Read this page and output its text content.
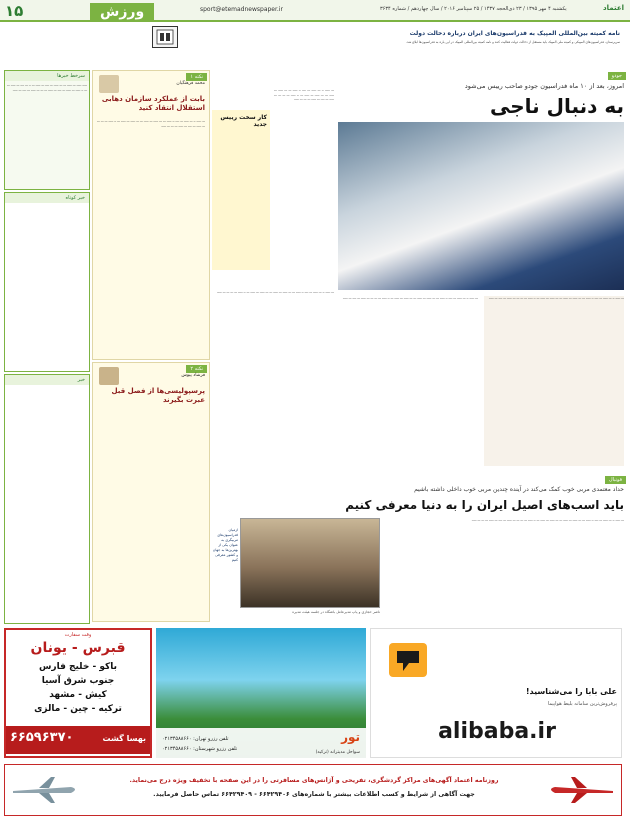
۱۵	ورزش	sport@etemadnewspaper.ir	یکشنبه ۴ مهر ۱۳۹۵ / ۲۳ ذی‌الحجه ۱۴۳۷ / ۲۵ سپتامبر ۲۰۱۶ / سال چهاردهم / شماره ۳۶۳۴	اعتماد
نامه کمیته بین‌المللی المپیک به فدراسیون‌های ایران درباره دخالت دولت
سرپرستان، فدراسیون‌های المپیکی و کمیته ملی المپیک باید مستقل از دخالت دولت فعالیت کنند و نامه کمیته بین‌المللی المپیک در این باره به فدراسیون‌ها ابلاغ شد.
سرخط خبرها
ـــــ ـــــ ـــ ـــــ ـــ ـــ ـــــ ـــ ــــ ـــ ـــــ ـــ ــ ـــ ــــ ـــ ـــــ ـــ ـــ ــ ـــــ ـــ ـــــ ـــ ــــ ـــ ـــــ ـــ ـــ ـــ ـــــ ـــ ــــ ـــ ـــــ
خبر کوتاه
خبر
نکته ۱
محمد فرهنگیان
بابت از عملکرد سازمان دهابی استقلال انتقاد کنید
ـــ ـــــ ــ ـــ ـــــ ـــ ــــ ــ ـــــ ـــ ـــ ـــــ ـــ ـــــ ـــ ـــ ـــــ ـــ ـــــ ـــ ــ ـــــ ـــ ـــ ـــ ـــ ـــــ ـــ ــــ ـــ ـــــ ـــ ـــ ـــ ـــــ
کار سخت رییس جدید
نکته ۲
فرشاد پیوس
پرسپولیسی‌ها از فصل قبل عبرت بگیرند
جودو
امروز، بعد از ۱۰ ماه فدراسیون جودو صاحب رییس می‌شود
به دنبال ناجی
ـــ ـــــ ــ ـــ ـــــ ـــ ــــ ــ ـــــ ـــ ـــ ـــــ ـــ ـــــ ـــ ـــ ـــــ ـــ ـــــ ـــ ــ ـــــ ـــ ـــ ـــ ـــ ـــــ ـــ ــــ ـــ ـــــ ـــ ـــ ـــ ـــــ
ـــ ـــــ ــ ـــ ـــــ ـــ ــــ ــ ـــــ ـــ ـــ ـــــ ـــ ـــــ ـــ ـــ ـــــ ـــ ـــــ ـــ ــ ـــــ ـــ ـــ ـــ ـــ ـــــ ـــ ــــ ـــ ـــــ	ـــ ـــــ ــ ـــ ـــــ ـــ ــــ ــ ـــــ ـــ ـــ ـــــ ـــ ـــــ ـــ ـــ ـــــ ـــ ـــــ ـــ ــ ـــــ ـــ ـــ ـــ ـــ ـــــ ـــ ــــ ـــ ـــــ
ـــ ـــــ ــ ـــ ـــــ ـــ ــــ ــ ـــــ ـــ ـــ ـــــ ـــ ـــــ ـــ ـــ ـــــ ـــ ـــــ ـــ ــ ـــــ ـــ ـــ ـــ ـــ ـــــ
فوتبال
حداد معتمدی مربی خوب کمک می‌کند در آینده چندین مربی خوب داخلی داشته باشیم
باید اسب‌های اصیل ایران را به دنیا معرفی کنیم
ناصر حجازی و پاپ مدیرعامل باشگاه در جلسه هیئت مدیره
ازمیان فدراسیون‌های مربیگری به عنوان یکی از بهترین‌ها به جهان و کشور معرفی کنیم
ـــ ـــــ ــ ـــ ـــــ ـــ ــــ ــ ـــــ ـــ ـــ ـــــ ـــ ـــــ ـــ ـــ ـــــ ـــ ـــــ ـــ ــ ـــــ ـــ ـــ ـــ ـــ ـــــ ـــ ــــ ـــ ـــــ ـــ ـــ ـــ ـــــ
وقت سفارت
قبرس - یونان
باکو - خلیج فارس
جنوب شرق آسیا
کیش - مشهد
ترکیه - چین - مالزی
بهسا گشت
۶۶۵۹۶۳۷۰	تور
سواحل مدیترانه (ترکیه)
تلفن رزرو تهران: ۰۲۱۳۴۵۸۸۶۶۰
تلفن رزرو شهرستان: ۰۲۱۳۴۵۸۸۶۶۰
علی بابا را می‌شناسید!
پرفروش‌ترین سامانه بلیط هواپیما
alibaba.ir
روزنامه اعتماد آگهی‌های مراکز گردشگری، تفریحی و آژانس‌های مسافرتی را در این صفحه با تخفیف ویژه درج می‌نماید.
جهت آگاهی از شرایط و کسب اطلاعات بیشتر با شماره‌های ۶۶۴۲۹۴۰۶ - ۶۶۴۲۹۴۰۹ تماس حاصل فرمایید.
